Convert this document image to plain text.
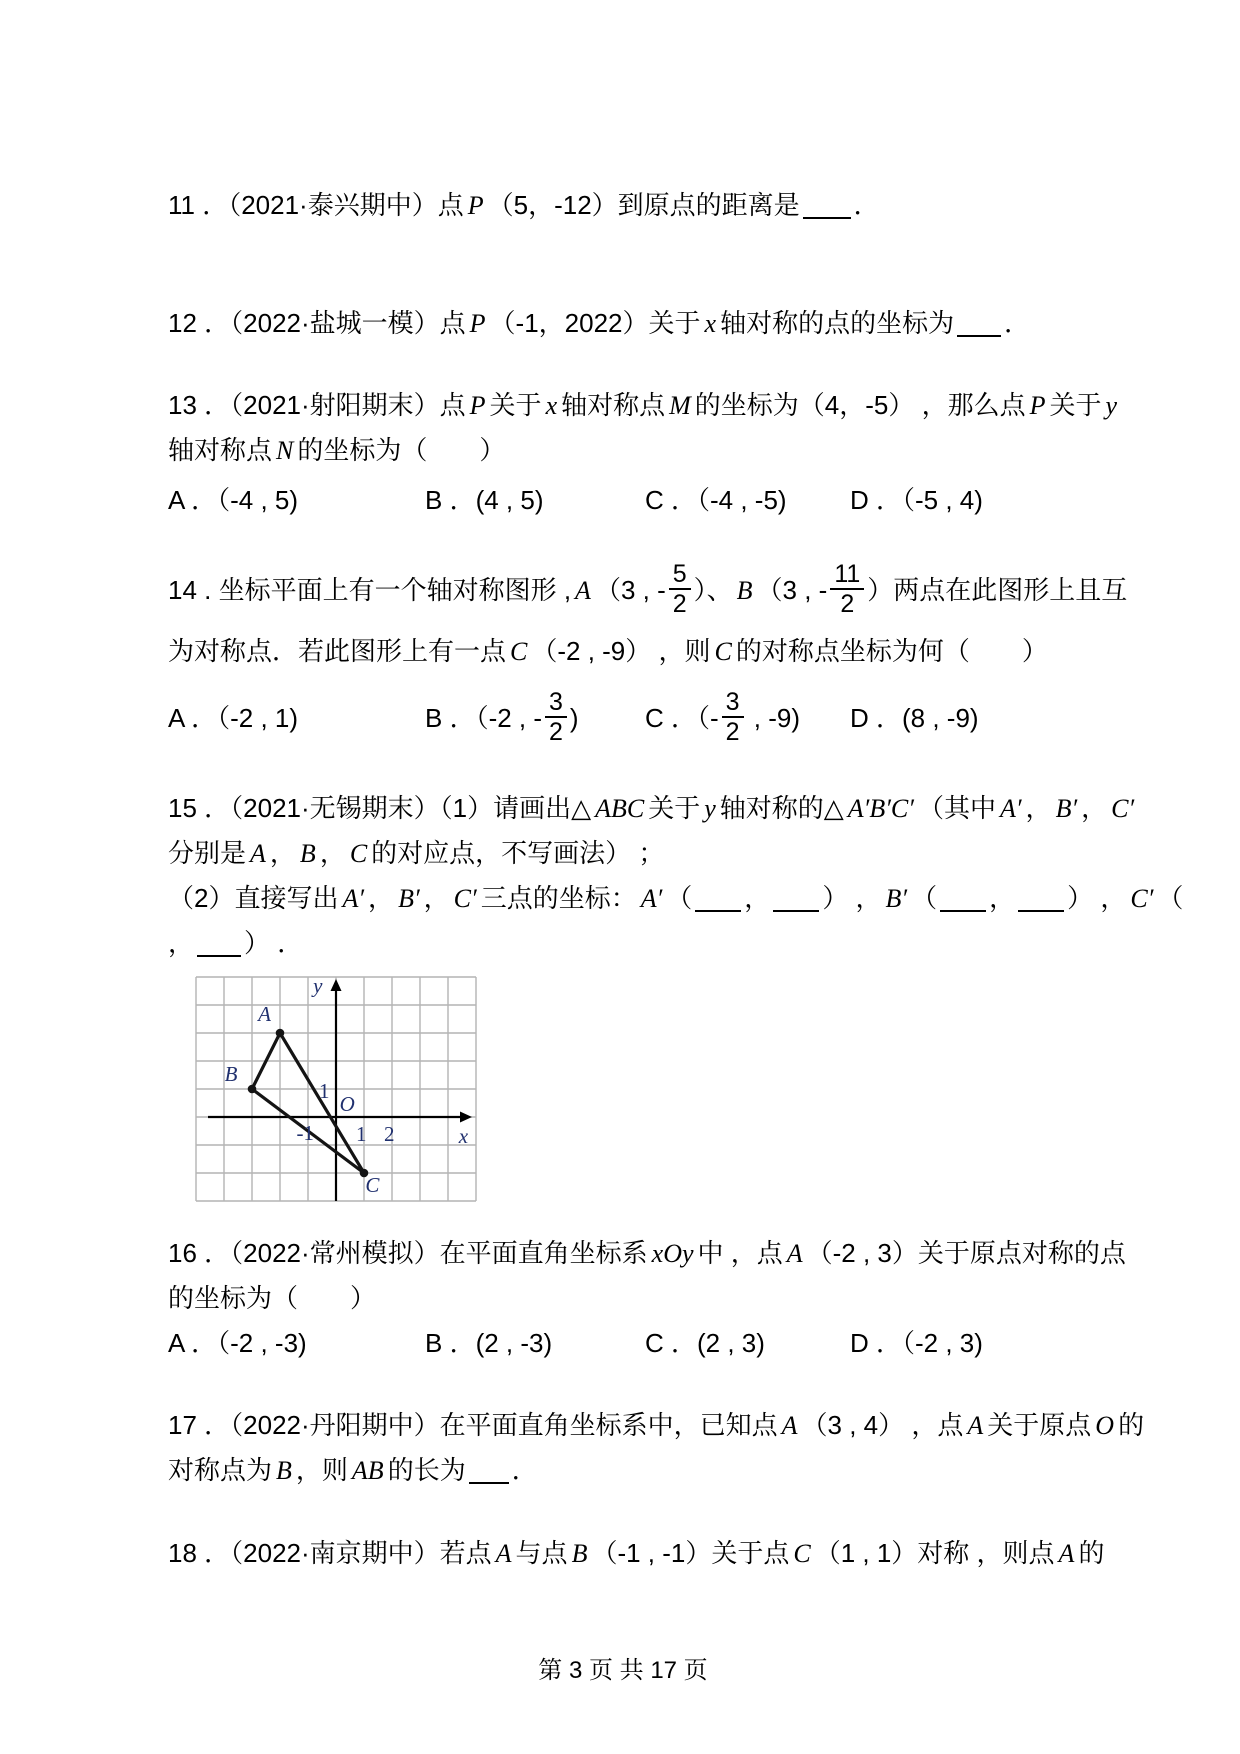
11 ．（2021·泰兴期中）点 P （5，-12）到原点的距离是 ．
12 ．（2022·盐城一模）点 P （-1，2022）关于 x 轴对称的点的坐标为 ．
13 ．（2021·射阳期末）点 P 关于 x 轴对称点 M 的坐标为（4，-5） ，那么点 P 关于 y
轴对称点 N 的坐标为（　　）
A ．（-4 , 5)	B ．(4 , 5)	C ．（-4 , -5)	D ．（-5 , 4)
14 . 坐标平面上有一个轴对称图形 , A （3 , - $\frac{5}{2}$ ）、 B （3 , - $\frac{11}{2}$ ）两点在此图形上且互
为对称点．若此图形上有一点 C （-2 , -9） ，则 C 的对称点坐标为何（　　）
A ．（-2 , 1)	B ．（-2 , - $\frac{3}{2}$ )	C ．（- $\frac{3}{2}$ , -9)	D ．(8 , -9)
15 ．（2021·无锡期末）（1）请画出△ ABC 关于 y 轴对称的△ A′B′C′ （其中 A′ ， B′ ， C′
分别是 A ， B ， C 的对应点，不写画法） ；
（2）直接写出 A′ ， B′ ， C′ 三点的坐标： A′ （ ， ） ， B′ （ ， ） ， C′ （
， ） ．
y
x
O
1
-1 1 2
A
B
C
16 ．（2022·常州模拟）在平面直角坐标系 xOy 中 ，点 A （-2 , 3）关于原点对称的点
的坐标为（　　）
A ．（-2 , -3)	B ．(2 , -3)	C ．(2 , 3)	D ．（-2 , 3)
17 ．（2022·丹阳期中）在平面直角坐标系中，已知点 A （3 , 4） ，点 A 关于原点 O 的
对称点为 B ，则 AB 的长为 ．
18 ．（2022·南京期中）若点 A 与点 B （-1 , -1）关于点 C （1 , 1）对称 ，则点 A 的
第 3 页 共 17 页
